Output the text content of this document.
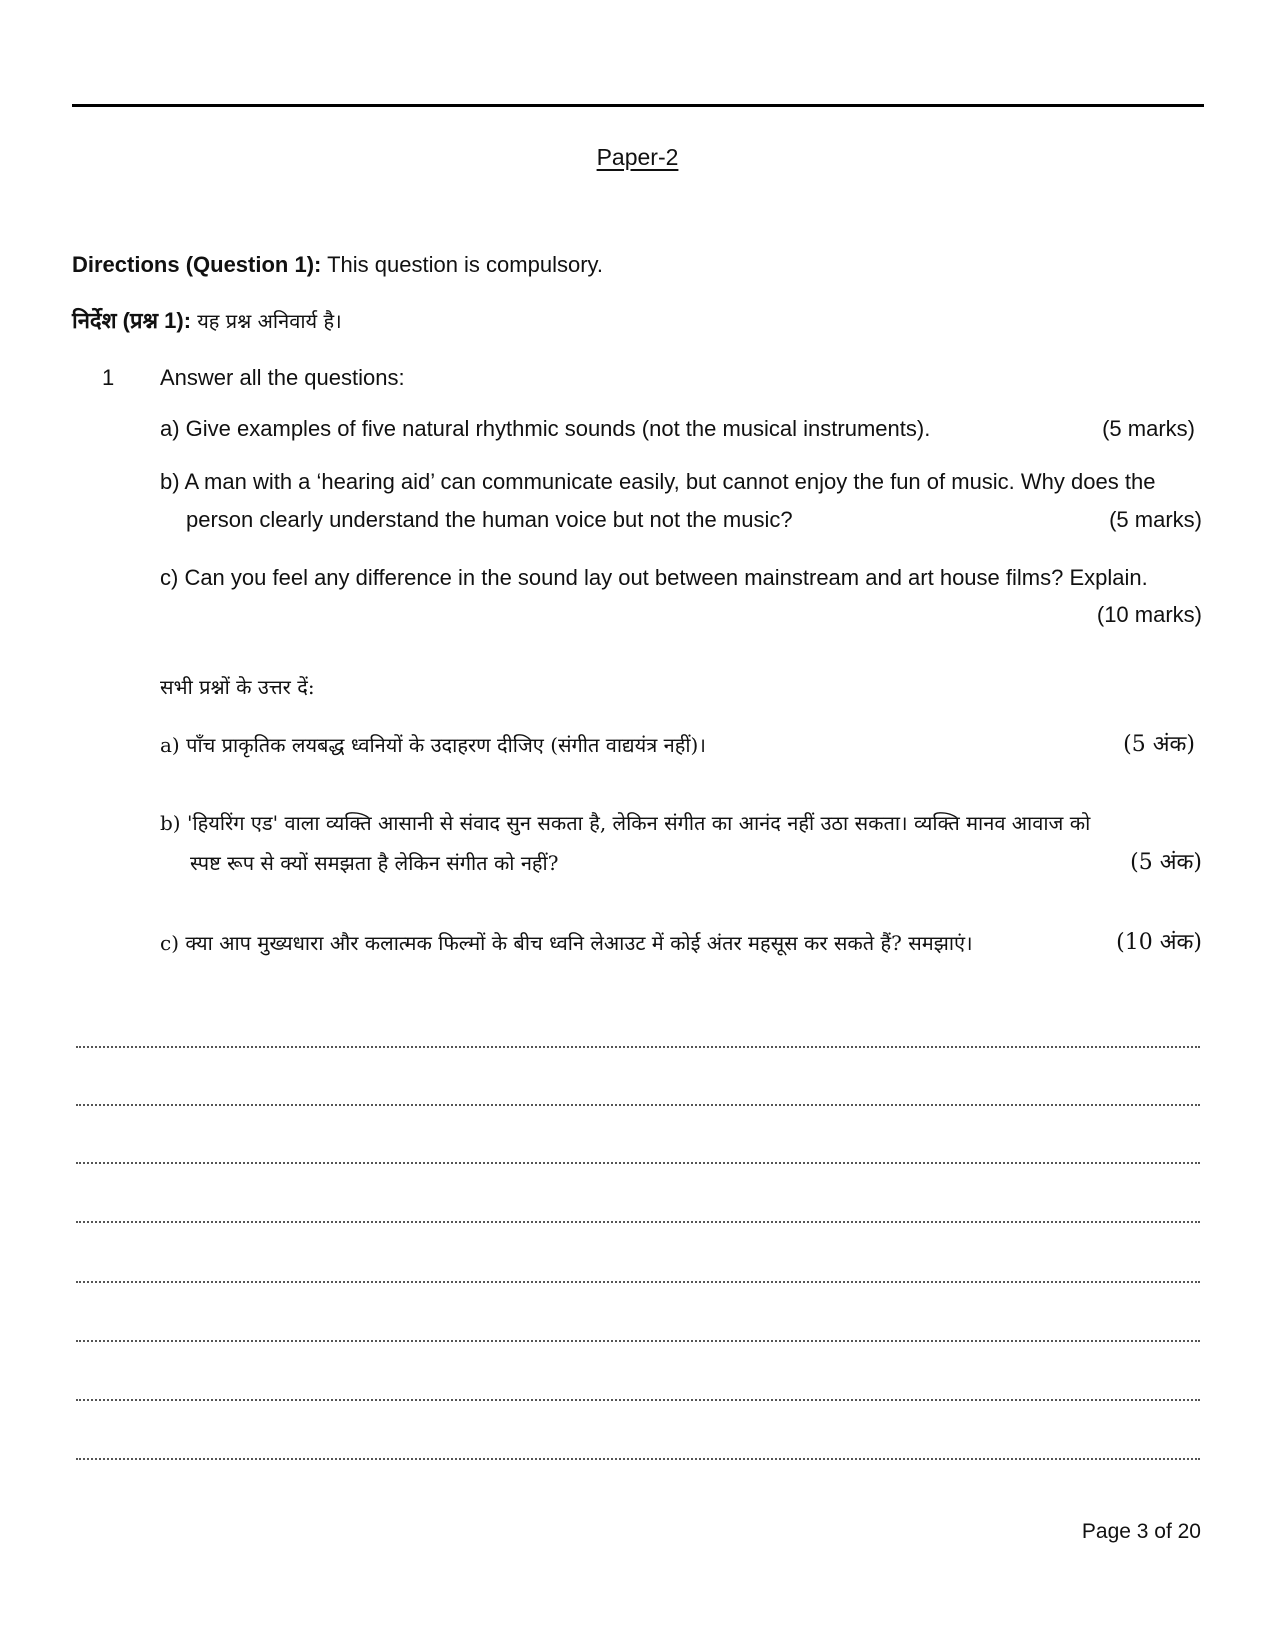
Paper-2
Directions (Question 1): This question is compulsory.
निर्देश (प्रश्न 1): यह प्रश्न अनिवार्य है।
1 Answer all the questions:
a) Give examples of five natural rhythmic sounds (not the musical instruments).	(5 marks)
b) A man with a ‘hearing aid’ can communicate easily, but cannot enjoy the fun of music. Why does the
person clearly understand the human voice but not the music?	(5 marks)
c) Can you feel any difference in the sound lay out between mainstream and art house films? Explain.
(10 marks)
सभी प्रश्नों के उत्तर दें:
a) पाँच प्राकृतिक लयबद्ध ध्वनियों के उदाहरण दीजिए (संगीत वाद्ययंत्र नहीं)।	(5 अंक)
b) 'हियरिंग एड' वाला व्यक्ति आसानी से संवाद सुन सकता है, लेकिन संगीत का आनंद नहीं उठा सकता। व्यक्ति मानव आवाज को
स्पष्ट रूप से क्यों समझता है लेकिन संगीत को नहीं?	(5 अंक)
c) क्या आप मुख्यधारा और कलात्मक फिल्मों के बीच ध्वनि लेआउट में कोई अंतर महसूस कर सकते हैं? समझाएं।	(10 अंक)
Page 3 of 20
